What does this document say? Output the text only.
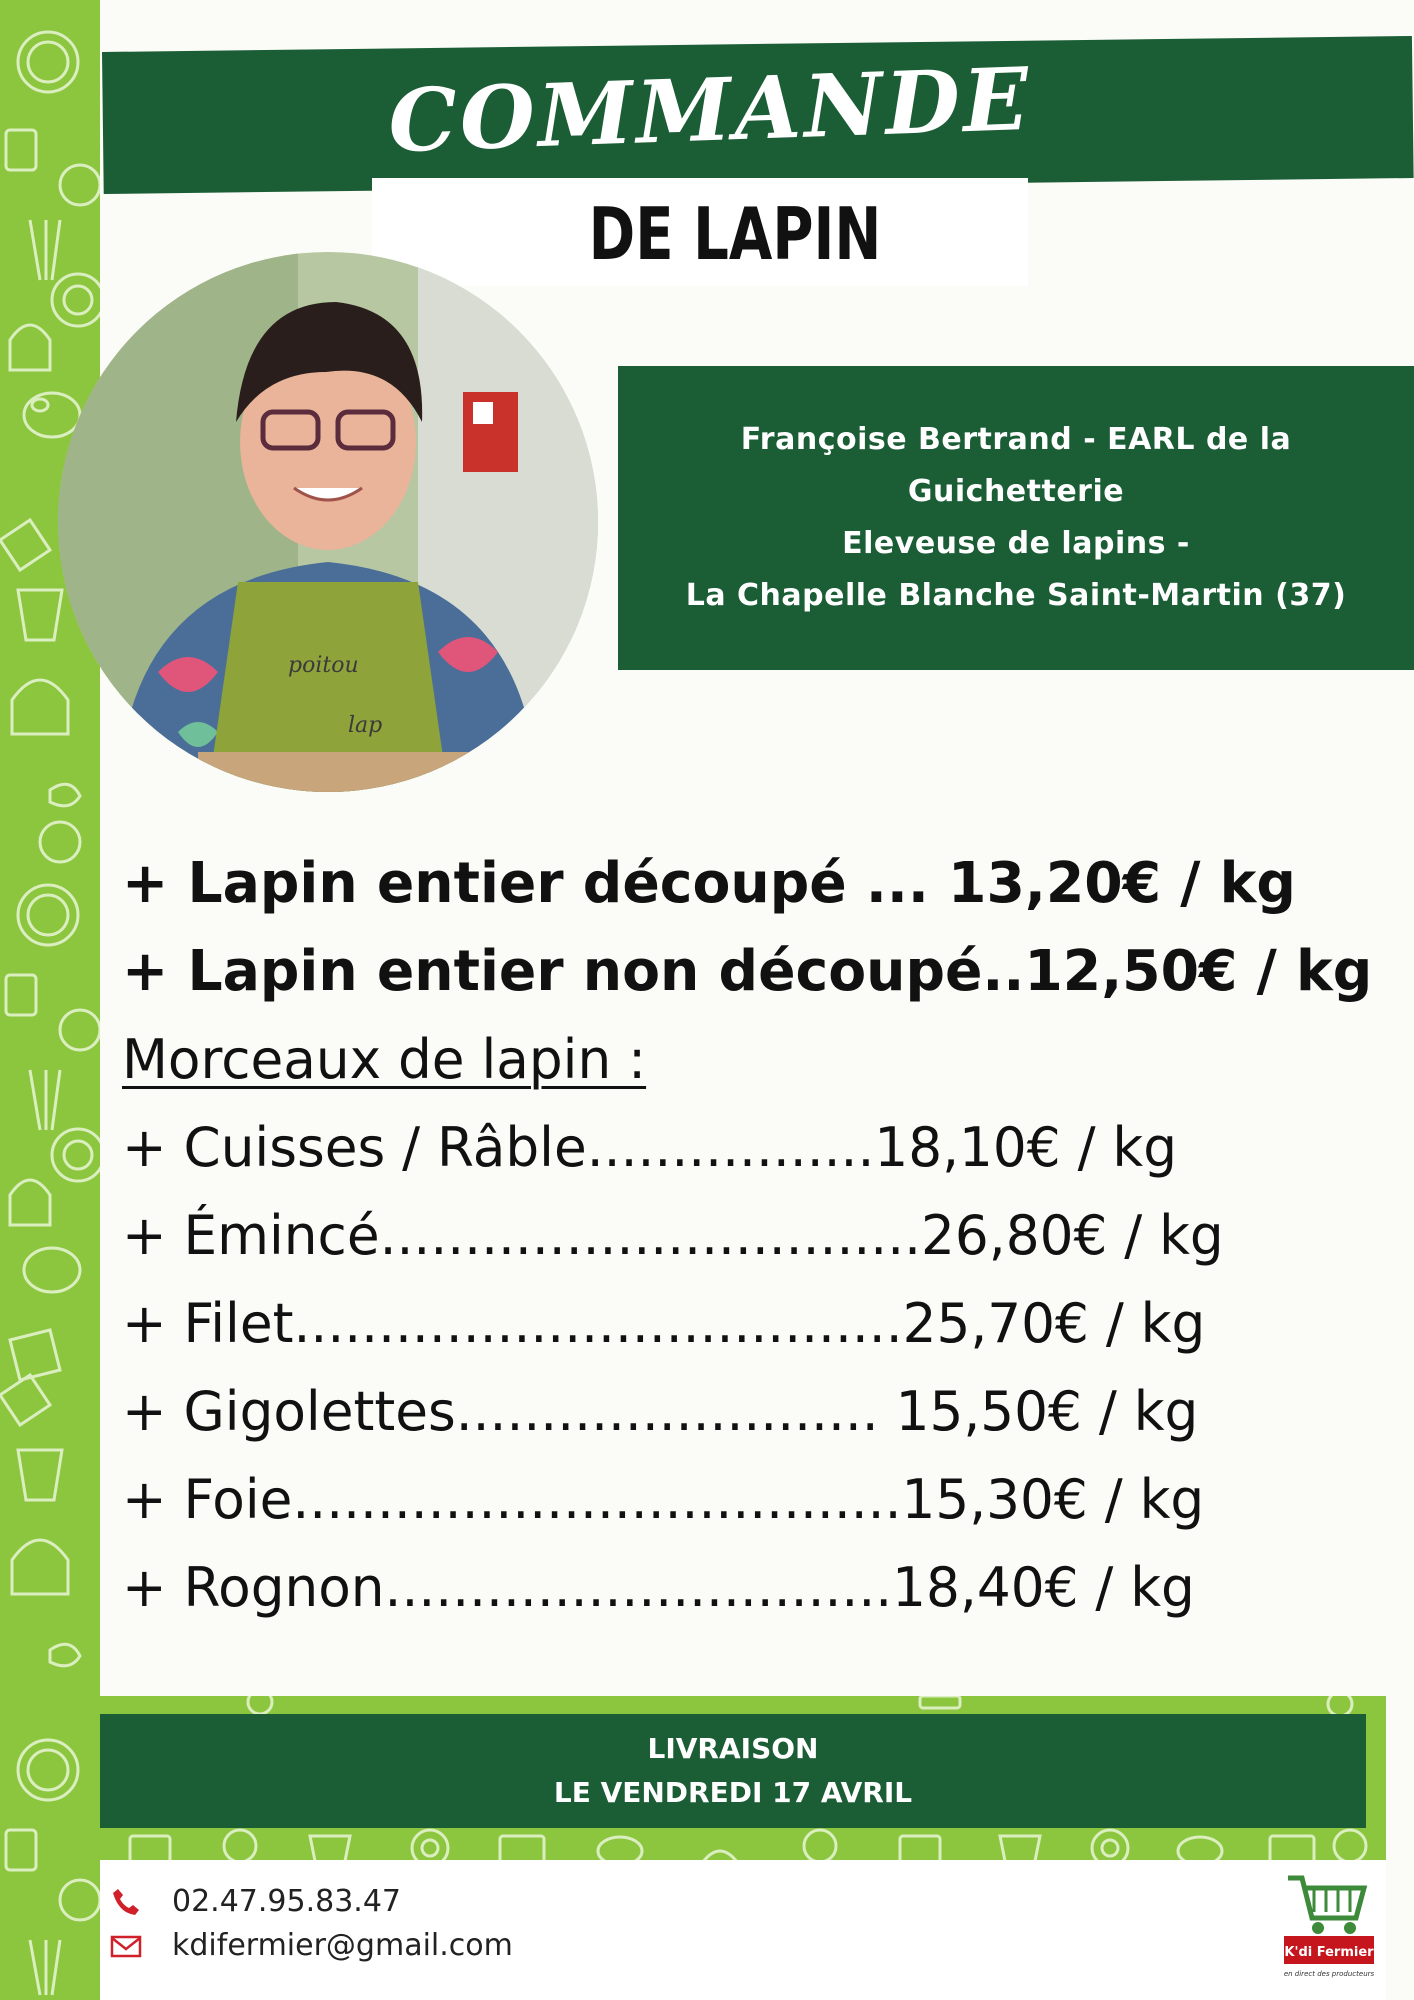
COMMANDE
DE LAPIN
poitou
lap
Françoise Bertrand - EARL de la
Guichetterie
Eleveuse de lapins -
La Chapelle Blanche Saint-Martin (37)
+ Lapin entier découpé ... 13,20€ / kg
+ Lapin entier non découpé..12,50€ / kg
Morceaux de lapin :
+ Cuisses / Râble.................18,10€ / kg
+ Émincé................................26,80€ / kg
+ Filet....................................25,70€ / kg
+ Gigolettes......................... 15,50€ / kg
+ Foie....................................15,30€ / kg
+ Rognon..............................18,40€ / kg
LIVRAISON
LE VENDREDI 17 AVRIL
02.47.95.83.47
kdifermier@gmail.com	K'di Fermier
en direct des producteurs
